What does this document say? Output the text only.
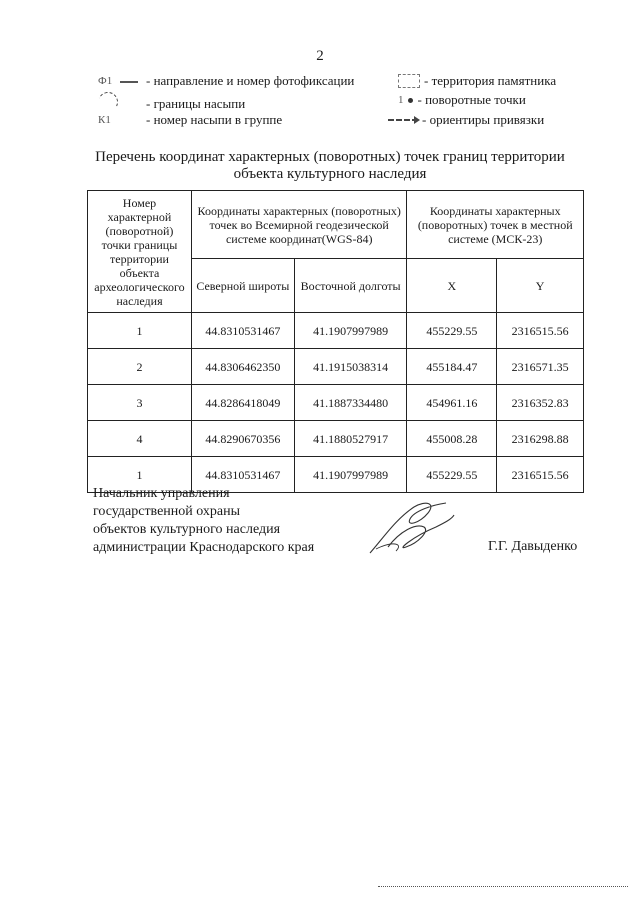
2
Ф1	- направление и номер фотофиксации
- границы насыпи
К1	- номер насыпи в группе
- территория памятника
1 - поворотные точки
- ориентиры привязки
Перечень координат характерных (поворотных) точек границ территории
объекта культурного наследия
Номер характерной (поворотной) точки границы территории объекта археологического наследия	Координаты характерных (поворотных) точек во Всемирной геодезической системе координат(WGS-84)		Координаты характерных (поворотных) точек в местной системе (МСК-23)	
	Северной широты	Восточной долготы	X	Y
1	44.8310531467	41.1907997989	455229.55	2316515.56
2	44.8306462350	41.1915038314	455184.47	2316571.35
3	44.8286418049	41.1887334480	454961.16	2316352.83
4	44.8290670356	41.1880527917	455008.28	2316298.88
1	44.8310531467	41.1907997989	455229.55	2316515.56
Начальник управления
государственной охраны
объектов культурного наследия
администрации Краснодарского края	Г.Г. Давыденко
